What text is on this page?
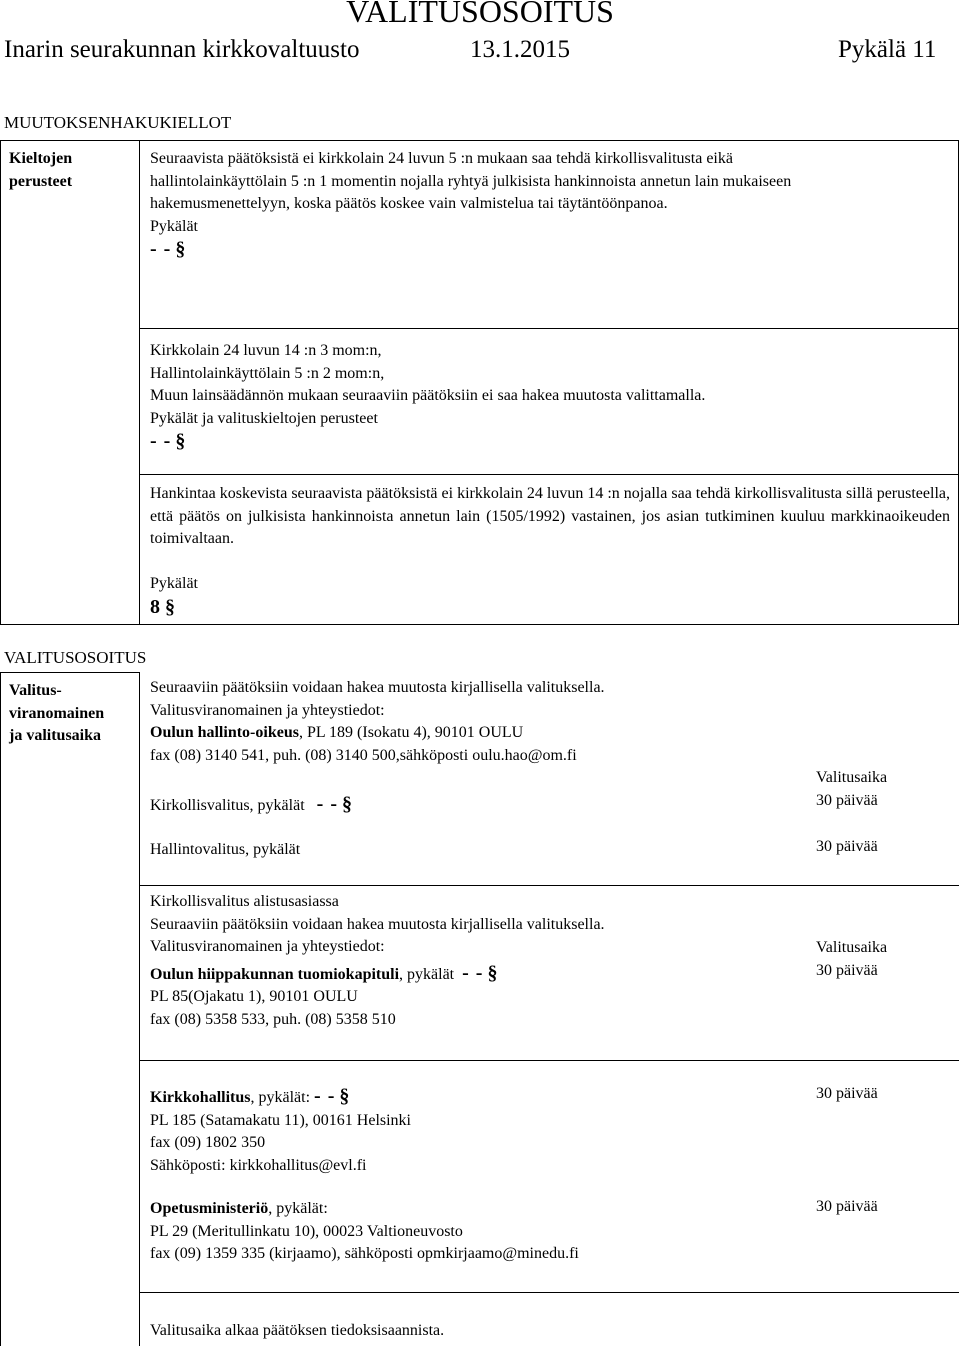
VALITUSOSOITUS
Inarin seurakunnan kirkkovaltuusto	13.1.2015	Pykälä 11
MUUTOKSENHAKUKIELLOT
Kieltojen
perusteet
Seuraavista päätöksistä ei kirkkolain 24 luvun 5 :n mukaan saa tehdä kirkollisvalitusta eikä
hallintolainkäyttölain 5 :n 1 momentin nojalla ryhtyä julkisista hankinnoista annetun lain mukaiseen
hakemusmenettelyyn, koska päätös koskee vain valmistelua tai täytäntöönpanoa.
Pykälät
- - §
Kirkkolain 24 luvun 14 :n 3 mom:n,
Hallintolainkäyttölain 5 :n 2 mom:n,
Muun lainsäädännön mukaan seuraaviin päätöksiin ei saa hakea muutosta valittamalla.
Pykälät ja valituskieltojen perusteet
- - §
Hankintaa koskevista seuraavista päätöksistä ei kirkkolain 24 luvun 14 :n nojalla saa tehdä kirkollisvalitusta sillä perusteella, että päätös on julkisista hankinnoista annetun lain (1505/1992) vastainen, jos asian tutkiminen kuuluu markkinaoikeuden toimivaltaan.
Pykälät
8 §
VALITUSOSOITUS
Valitus-
viranomainen
ja valitusaika
Seuraaviin päätöksiin voidaan hakea muutosta kirjallisella valituksella.
Valitusviranomainen ja yhteystiedot:
Oulun hallinto-oikeus, PL 189 (Isokatu 4), 90101 OULU
fax (08) 3140 541, puh. (08) 3140 500,sähköposti oulu.hao@om.fi
Kirkollisvalitus, pykälät - - §
Hallintovalitus, pykälät
Valitusaika
30 päivää
30 päivää
Kirkollisvalitus alistusasiassa
Seuraaviin päätöksiin voidaan hakea muutosta kirjallisella valituksella.
Valitusviranomainen ja yhteystiedot:
Oulun hiippakunnan tuomiokapituli, pykälät - - §
PL 85(Ojakatu 1), 90101 OULU
fax (08) 5358 533, puh. (08) 5358 510
Valitusaika
30 päivää
Kirkkohallitus, pykälät: - - §
PL 185 (Satamakatu 11), 00161 Helsinki
fax (09) 1802 350
Sähköposti: kirkkohallitus@evl.fi
30 päivää
Opetusministeriö, pykälät:
PL 29 (Meritullinkatu 10), 00023 Valtioneuvosto
fax (09) 1359 335 (kirjaamo), sähköposti opmkirjaamo@minedu.fi
30 päivää
Valitusaika alkaa päätöksen tiedoksisaannista.
